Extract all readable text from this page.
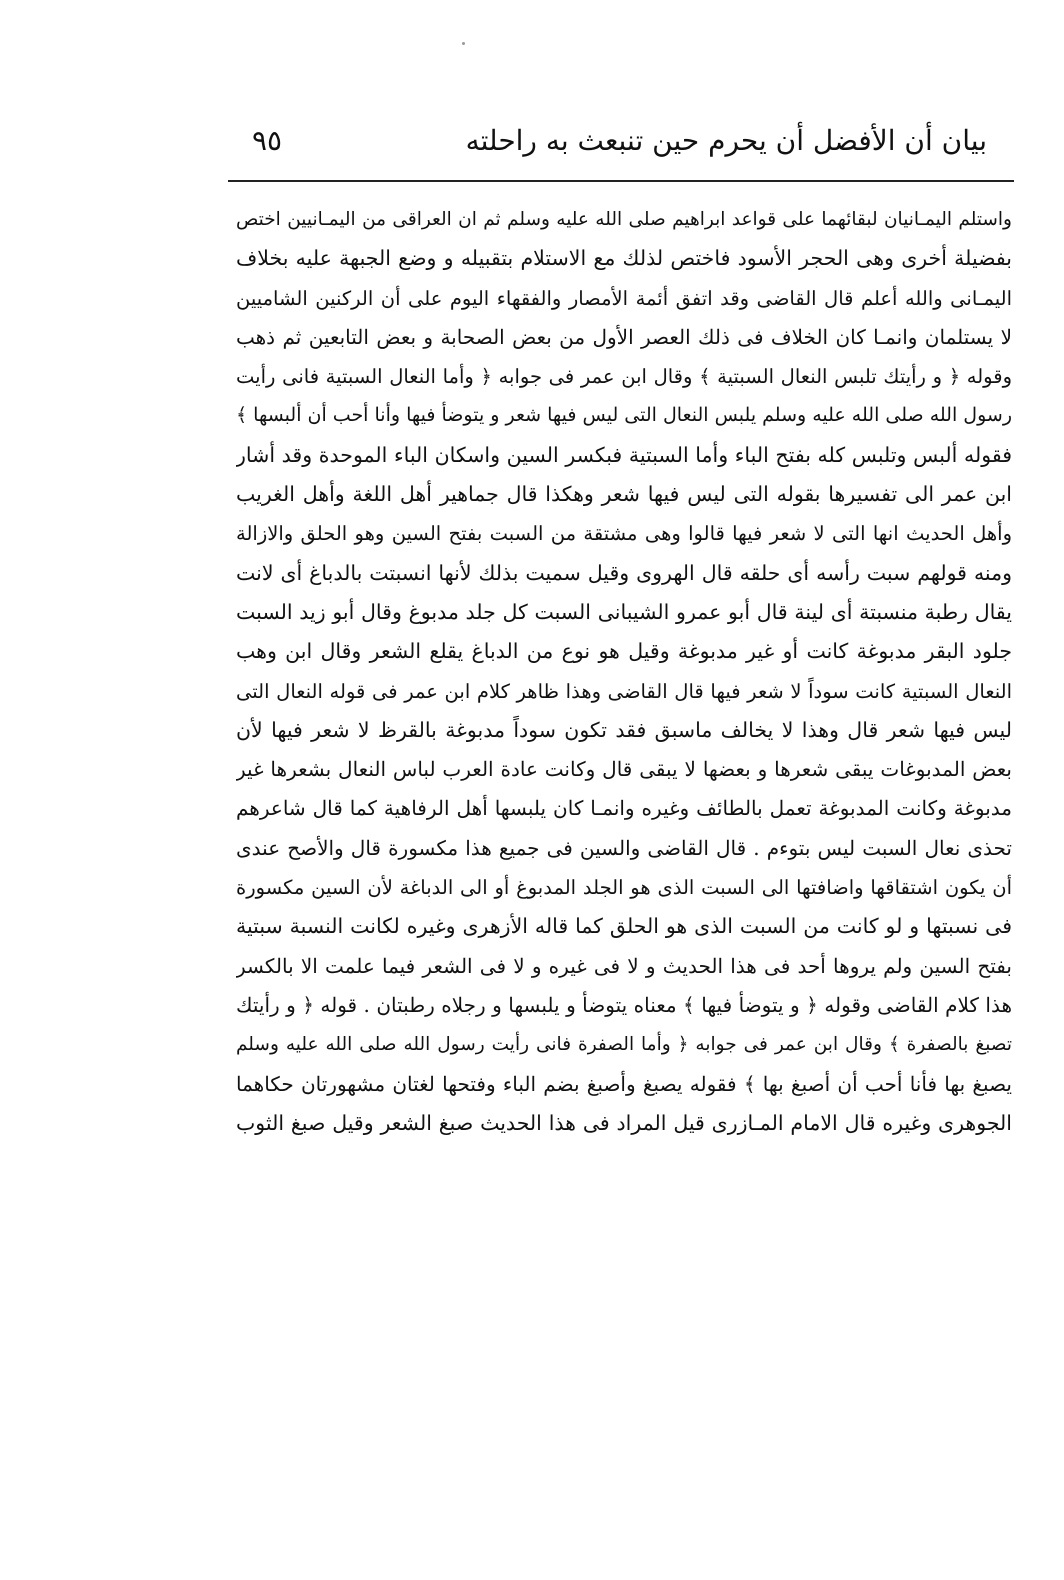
بيان أن الأفضل أن يحرم حين تنبعث به راحلته
٩٥
واستلم اليمـانيان لبقائهما على قواعد ابراهيم صلى الله عليه وسلم ثم ان العراقى من اليمـانيين اختص
بفضيلة أخرى وهى الحجر الأسود فاختص لذلك مع الاستلام بتقبيله و وضع الجبهة عليه بخلاف
اليمـانى والله أعلم قال القاضى وقد اتفق أئمة الأمصار والفقهاء اليوم على أن الركنين الشاميين
لا يستلمان وانمـا كان الخلاف فى ذلك العصر الأول من بعض الصحابة و بعض التابعين ثم ذهب
وقوله ﴿ و رأيتك تلبس النعال السبتية ﴾ وقال ابن عمر فى جوابه ﴿ وأما النعال السبتية فانى رأيت
رسول الله صلى الله عليه وسلم يلبس النعال التى ليس فيها شعر و يتوضأ فيها وأنا أحب أن ألبسها ﴾
فقوله ألبس وتلبس كله بفتح الباء وأما السبتية فبكسر السين واسكان الباء الموحدة وقد أشار
ابن عمر الى تفسيرها بقوله التى ليس فيها شعر وهكذا قال جماهير أهل اللغة وأهل الغريب
وأهل الحديث انها التى لا شعر فيها قالوا وهى مشتقة من السبت بفتح السين وهو الحلق والازالة
ومنه قولهم سبت رأسه أى حلقه قال الهروى وقيل سميت بذلك لأنها انسبتت بالدباغ أى لانت
يقال رطبة منسبتة أى لينة قال أبو عمرو الشيبانى السبت كل جلد مدبوغ وقال أبو زيد السبت
جلود البقر مدبوغة كانت أو غير مدبوغة وقيل هو نوع من الدباغ يقلع الشعر وقال ابن وهب
النعال السبتية كانت سوداً لا شعر فيها قال القاضى وهذا ظاهر كلام ابن عمر فى قوله النعال التى
ليس فيها شعر قال وهذا لا يخالف ماسبق فقد تكون سوداً مدبوغة بالقرظ لا شعر فيها لأن
بعض المدبوغات يبقى شعرها و بعضها لا يبقى قال وكانت عادة العرب لباس النعال بشعرها غير
مدبوغة وكانت المدبوغة تعمل بالطائف وغيره وانمـا كان يلبسها أهل الرفاهية كما قال شاعرهم
تحذى نعال السبت ليس بتوءم . قال القاضى والسين فى جميع هذا مكسورة قال والأصح عندى
أن يكون اشتقاقها واضافتها الى السبت الذى هو الجلد المدبوغ أو الى الدباغة لأن السين مكسورة
فى نسبتها و لو كانت من السبت الذى هو الحلق كما قاله الأزهرى وغيره لكانت النسبة سبتية
بفتح السين ولم يروها أحد فى هذا الحديث و لا فى غيره و لا فى الشعر فيما علمت الا بالكسر
هذا كلام القاضى وقوله ﴿ و يتوضأ فيها ﴾ معناه يتوضأ و يلبسها و رجلاه رطبتان . قوله ﴿ و رأيتك
تصبغ بالصفرة ﴾ وقال ابن عمر فى جوابه ﴿ وأما الصفرة فانى رأيت رسول الله صلى الله عليه وسلم
يصبغ بها فأنا أحب أن أصبغ بها ﴾ فقوله يصبغ وأصبغ بضم الباء وفتحها لغتان مشهورتان حكاهما
الجوهرى وغيره قال الامام المـازرى قيل المراد فى هذا الحديث صبغ الشعر وقيل صبغ الثوب
